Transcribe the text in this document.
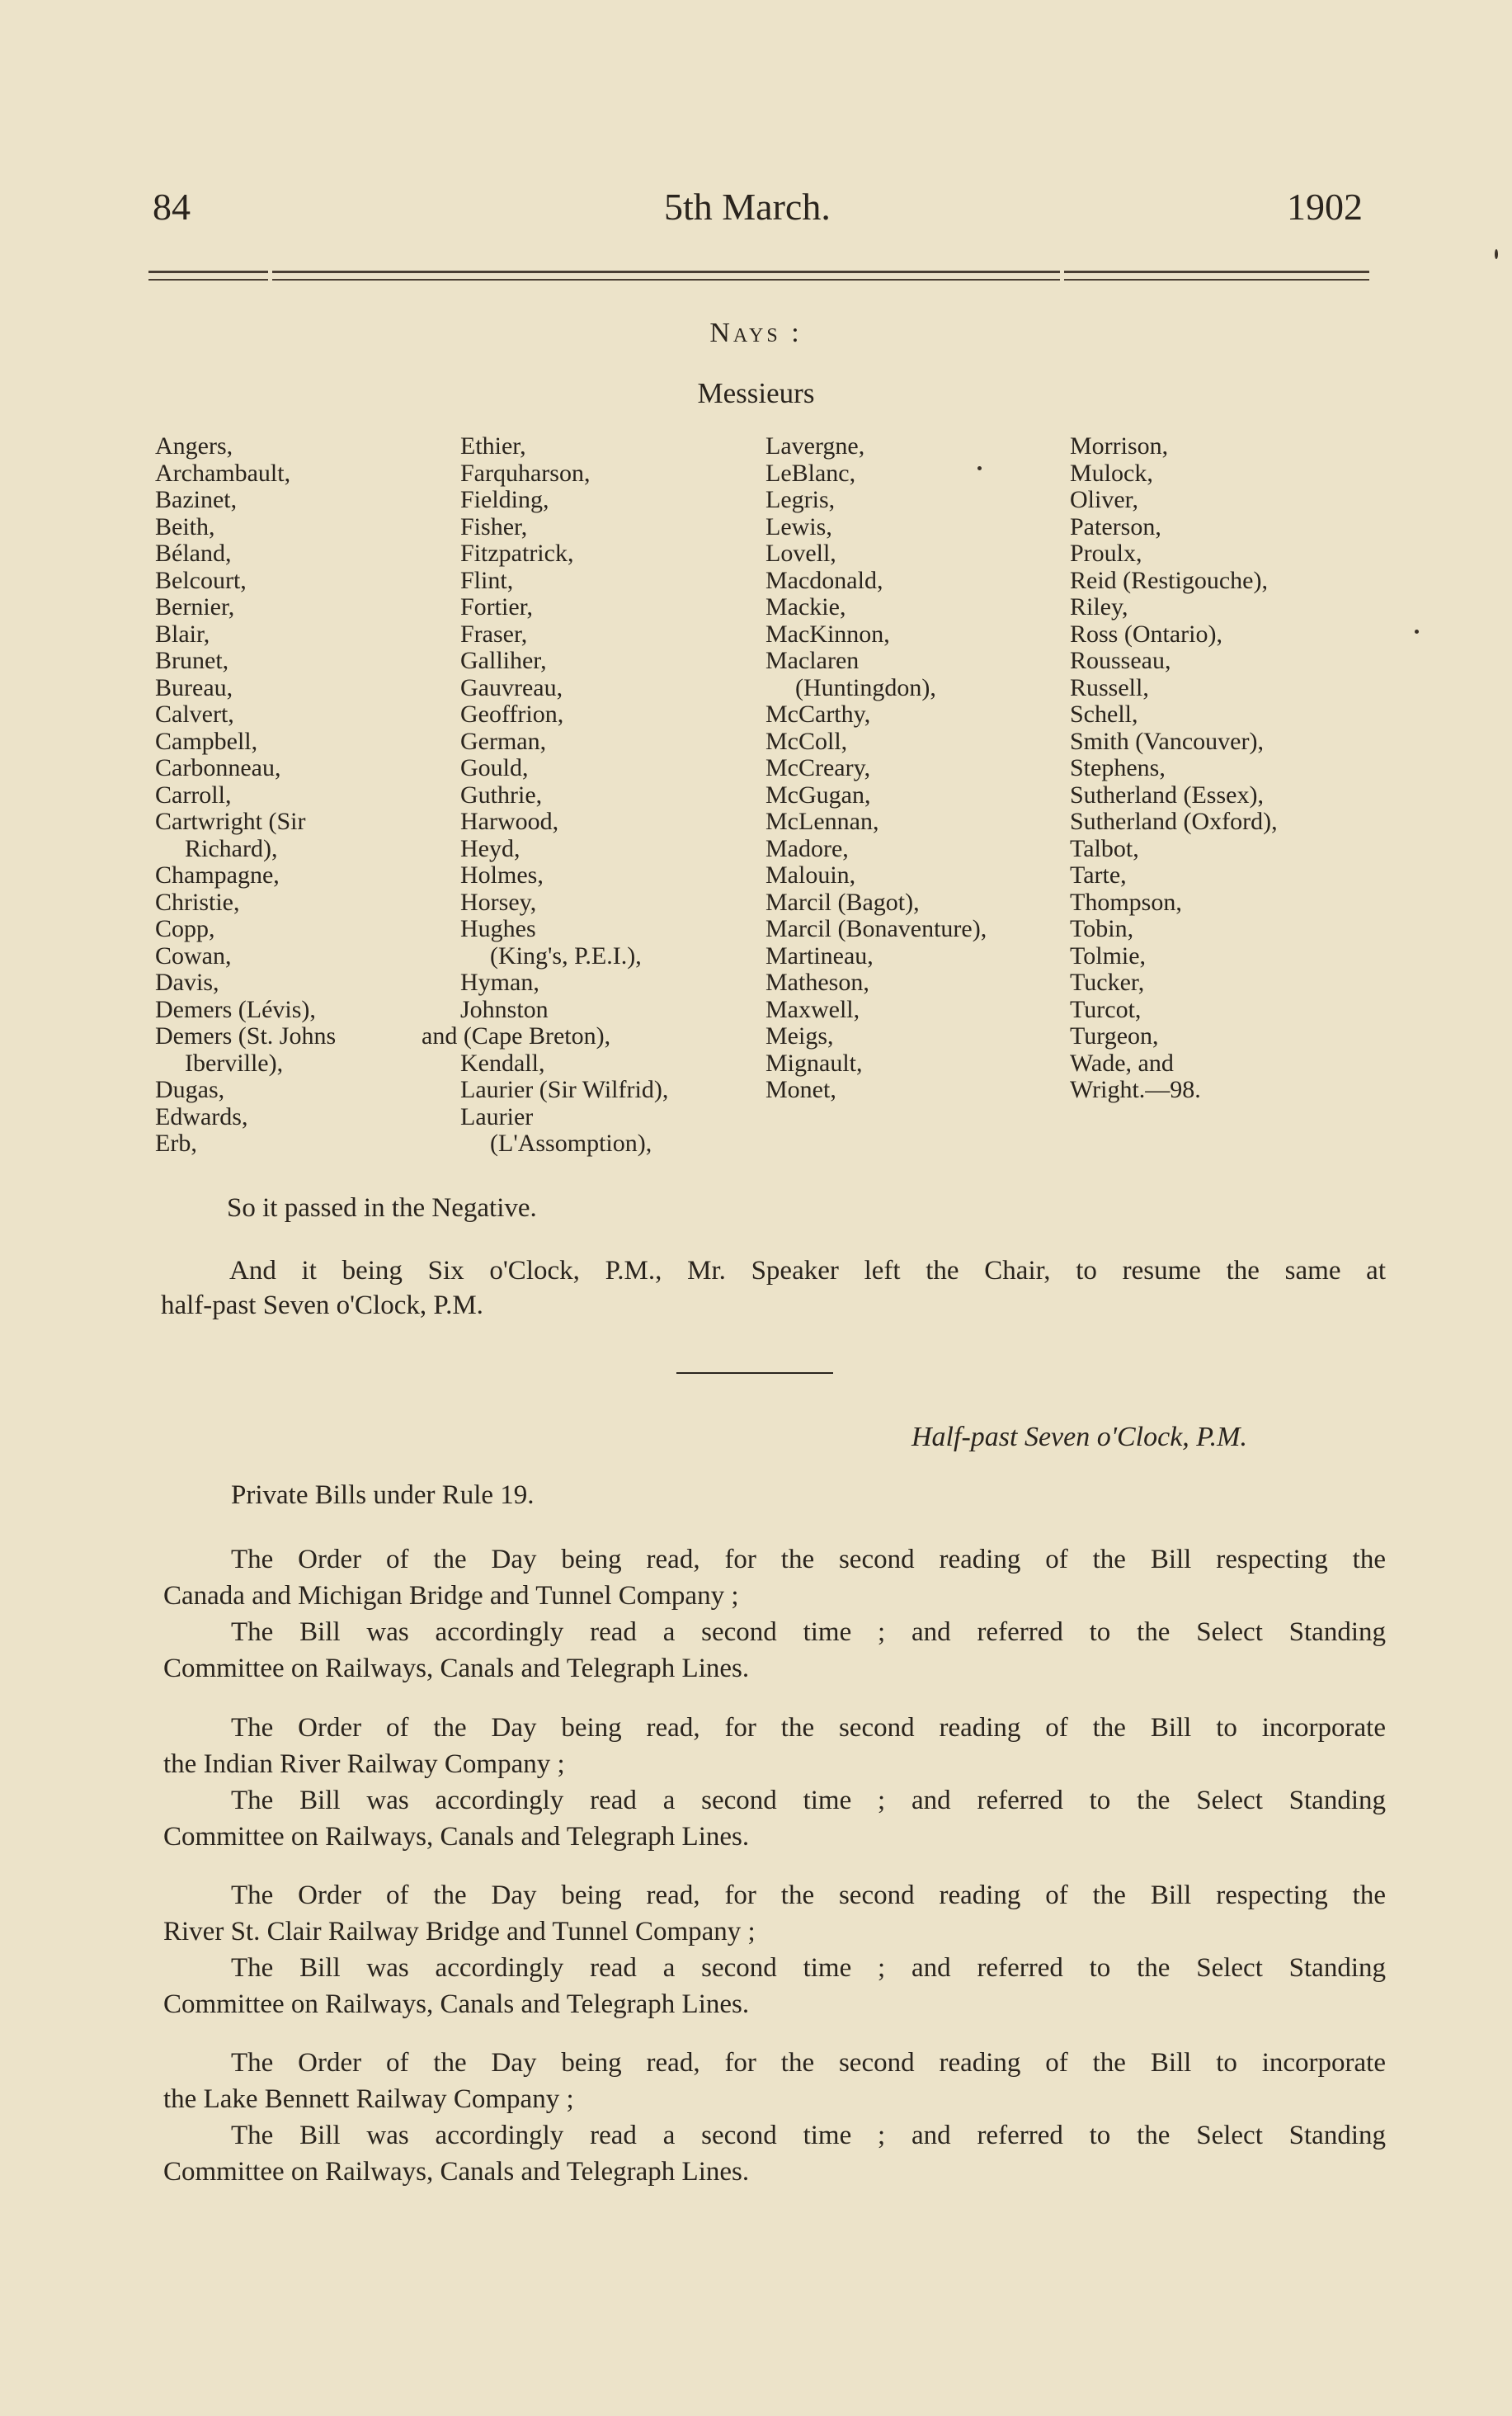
84	5th March.	1902
Nays :
Messieurs
Angers,
Archambault,
Bazinet,
Beith,
Béland,
Belcourt,
Bernier,
Blair,
Brunet,
Bureau,
Calvert,
Campbell,
Carbonneau,
Carroll,
Cartwright (Sir
Richard),
Champagne,
Christie,
Copp,
Cowan,
Davis,
Demers (Lévis),
Demers (St. Johns
Iberville),
Dugas,
Edwards,
Erb,
Ethier,
Farquharson,
Fielding,
Fisher,
Fitzpatrick,
Flint,
Fortier,
Fraser,
Galliher,
Gauvreau,
Geoffrion,
German,
Gould,
Guthrie,
Harwood,
Heyd,
Holmes,
Horsey,
Hughes
(King's, P.E.I.),
Hyman,
Johnston
and (Cape Breton),
Kendall,
Laurier (Sir Wilfrid),
Laurier
(L'Assomption),
Lavergne,
LeBlanc,
Legris,
Lewis,
Lovell,
Macdonald,
Mackie,
MacKinnon,
Maclaren
(Huntingdon),
McCarthy,
McColl,
McCreary,
McGugan,
McLennan,
Madore,
Malouin,
Marcil (Bagot),
Marcil (Bonaventure),
Martineau,
Matheson,
Maxwell,
Meigs,
Mignault,
Monet,
Morrison,
Mulock,
Oliver,
Paterson,
Proulx,
Reid (Restigouche),
Riley,
Ross (Ontario),
Rousseau,
Russell,
Schell,
Smith (Vancouver),
Stephens,
Sutherland (Essex),
Sutherland (Oxford),
Talbot,
Tarte,
Thompson,
Tobin,
Tolmie,
Tucker,
Turcot,
Turgeon,
Wade, and
Wright.—98.
So it passed in the Negative.
And it being Six o'Clock, P.M., Mr. Speaker left the Chair, to resume the same at
half-past Seven o'Clock, P.M.
Half-past Seven o'Clock, P.M.
Private Bills under Rule 19.
The Order of the Day being read, for the second reading of the Bill respecting the
Canada and Michigan Bridge and Tunnel Company ;
The Bill was accordingly read a second time ; and referred to the Select Standing
Committee on Railways, Canals and Telegraph Lines.
The Order of the Day being read, for the second reading of the Bill to incorporate
the Indian River Railway Company ;
The Bill was accordingly read a second time ; and referred to the Select Standing
Committee on Railways, Canals and Telegraph Lines.
The Order of the Day being read, for the second reading of the Bill respecting the
River St. Clair Railway Bridge and Tunnel Company ;
The Bill was accordingly read a second time ; and referred to the Select Standing
Committee on Railways, Canals and Telegraph Lines.
The Order of the Day being read, for the second reading of the Bill to incorporate
the Lake Bennett Railway Company ;
The Bill was accordingly read a second time ; and referred to the Select Standing
Committee on Railways, Canals and Telegraph Lines.
